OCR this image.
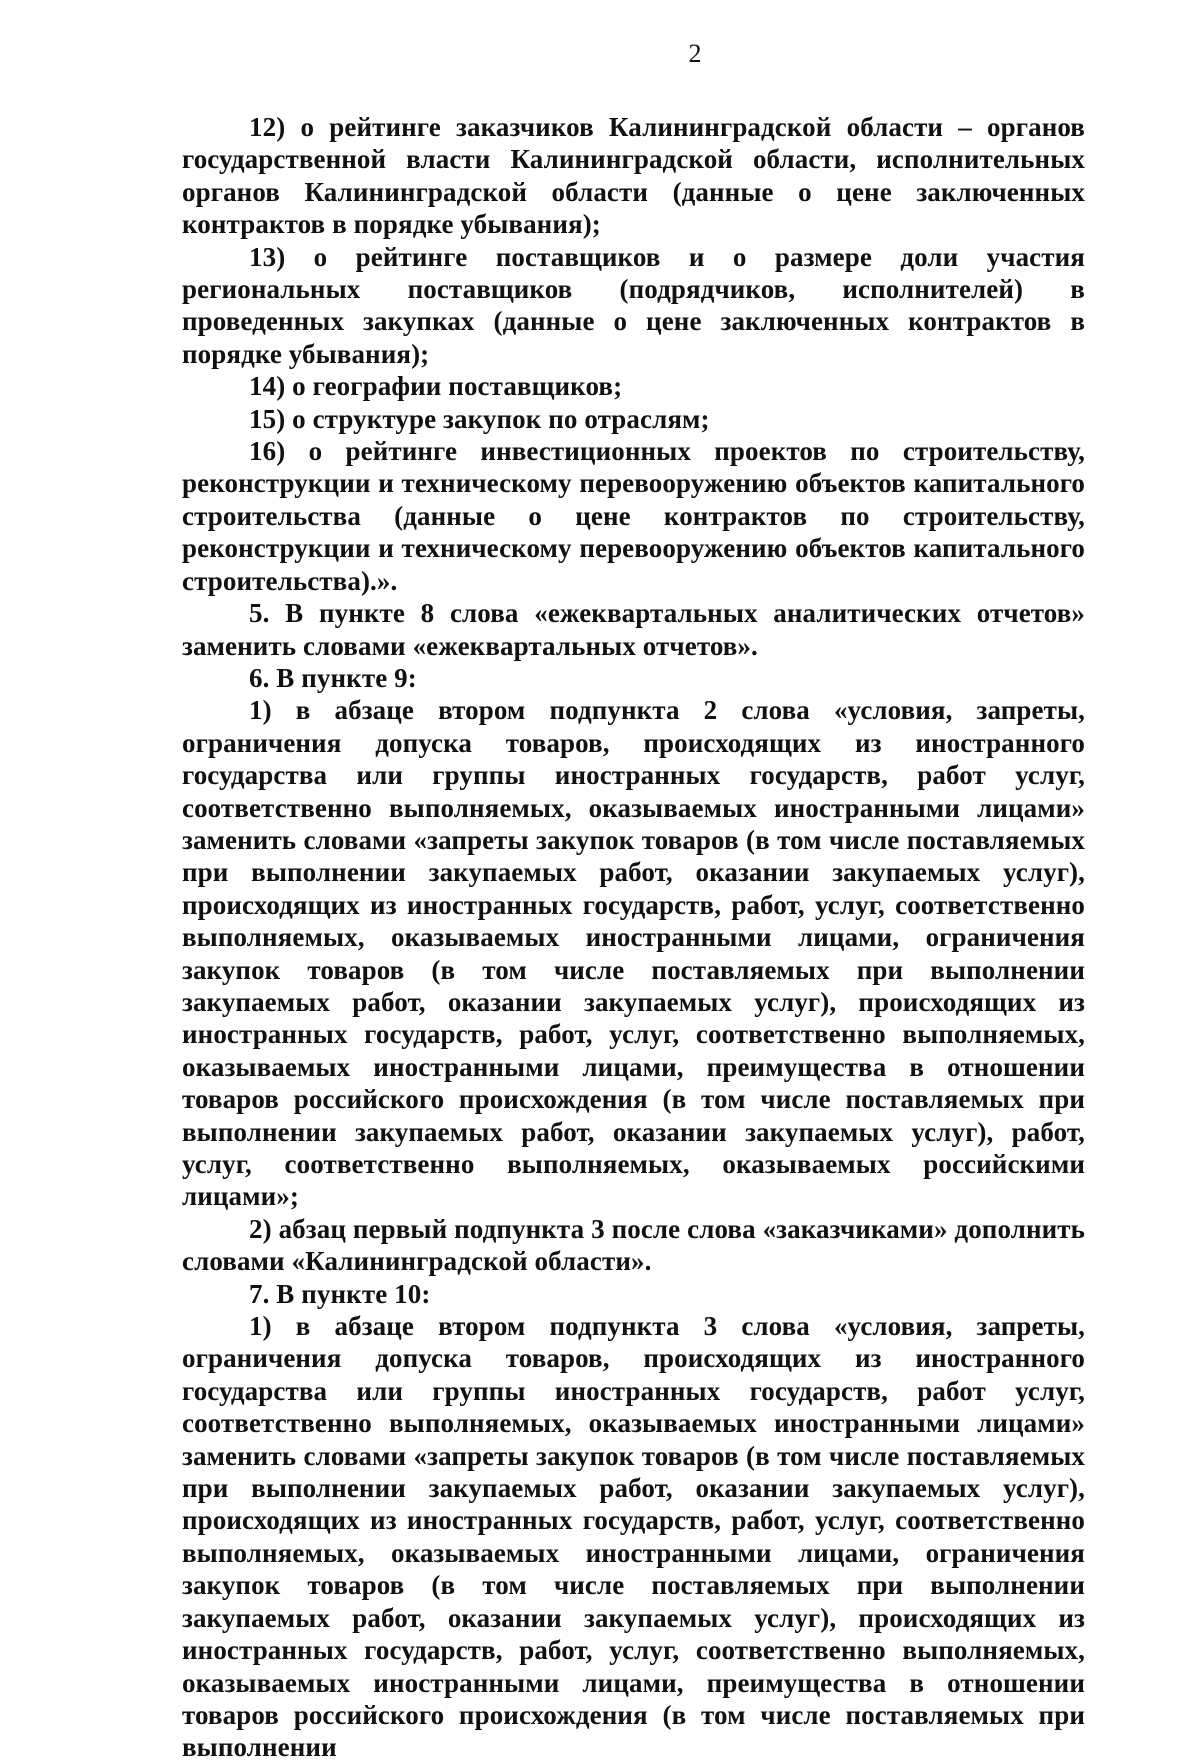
2

12) о рейтинге заказчиков Калининградской области – органов государственной власти Калининградской области, исполнительных органов Калининградской области (данные о цене заключенных контрактов в порядке убывания);

13) о рейтинге поставщиков и о размере доли участия региональных поставщиков (подрядчиков, исполнителей) в проведенных закупках (данные о цене заключенных контрактов в порядке убывания);

14) о географии поставщиков;

15) о структуре закупок по отраслям;

16) о рейтинге инвестиционных проектов по строительству, реконструкции и техническому перевооружению объектов капитального строительства (данные о цене контрактов по строительству, реконструкции и техническому перевооружению объектов капитального строительства).».

5. В пункте 8 слова «ежеквартальных аналитических отчетов» заменить словами «ежеквартальных отчетов».

6. В пункте 9:

1) в абзаце втором подпункта 2 слова «условия, запреты, ограничения допуска товаров, происходящих из иностранного государства или группы иностранных государств, работ услуг, соответственно выполняемых, оказываемых иностранными лицами» заменить словами «запреты закупок товаров (в том числе поставляемых при выполнении закупаемых работ, оказании закупаемых услуг), происходящих из иностранных государств, работ, услуг, соответственно выполняемых, оказываемых иностранными лицами, ограничения закупок товаров (в том числе поставляемых при выполнении закупаемых работ, оказании закупаемых услуг), происходящих из иностранных государств, работ, услуг, соответственно выполняемых, оказываемых иностранными лицами, преимущества в отношении товаров российского происхождения (в том числе поставляемых при выполнении закупаемых работ, оказании закупаемых услуг), работ, услуг, соответственно выполняемых, оказываемых российскими лицами»;

2) абзац первый подпункта 3 после слова «заказчиками» дополнить словами «Калининградской области».

7. В пункте 10:

1) в абзаце втором подпункта 3 слова «условия, запреты, ограничения допуска товаров, происходящих из иностранного государства или группы иностранных государств, работ услуг, соответственно выполняемых, оказываемых иностранными лицами» заменить словами «запреты закупок товаров (в том числе поставляемых при выполнении закупаемых работ, оказании закупаемых услуг), происходящих из иностранных государств, работ, услуг, соответственно выполняемых, оказываемых иностранными лицами, ограничения закупок товаров (в том числе поставляемых при выполнении закупаемых работ, оказании закупаемых услуг), происходящих из иностранных государств, работ, услуг, соответственно выполняемых, оказываемых иностранными лицами, преимущества в отношении товаров российского происхождения (в том числе поставляемых при выполнении
